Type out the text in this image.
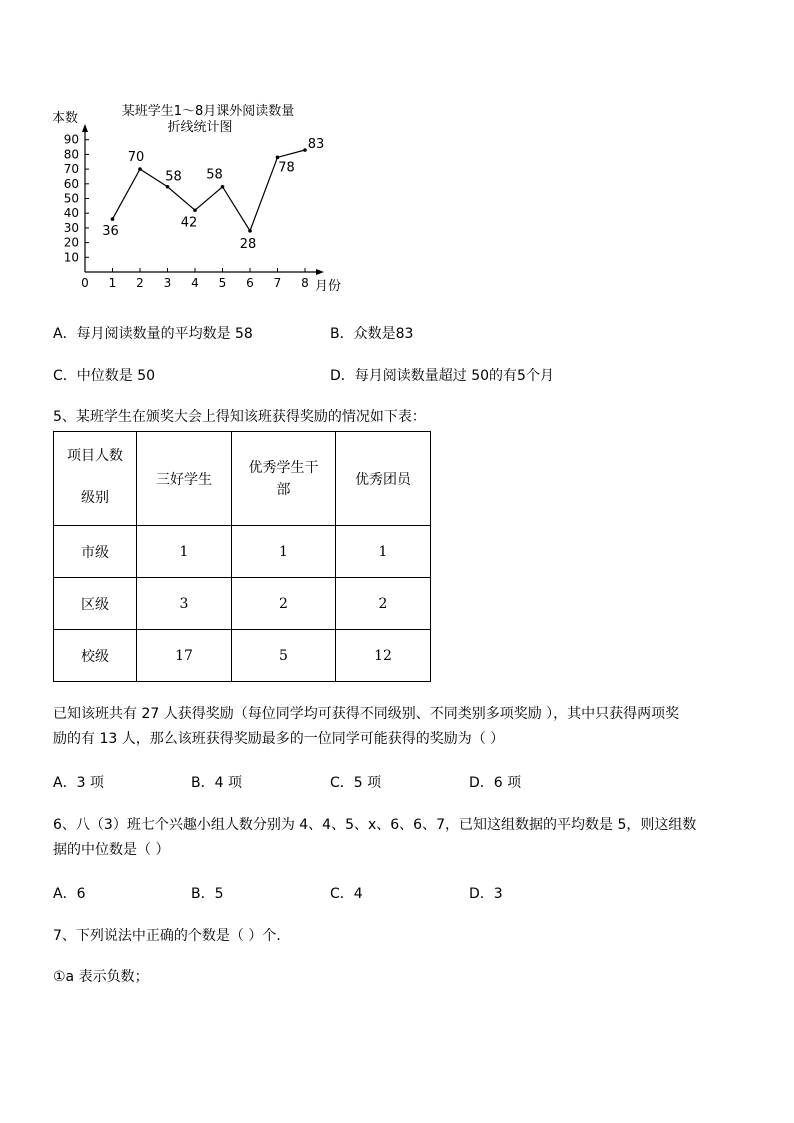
某班学生1～8月课外阅读数量
折线统计图
本数
月份
10
20
30
40
50
60
70
80
90
0 1 2 3 4 5 6 7 8
36
70
58
42
58
28
78
83
A．每月阅读数量的平均数是 58	B．众数是83
C．中位数是 50	D．每月阅读数量超过 50的有5个月
5、某班学生在颁奖大会上得知该班获得奖励的情况如下表：
项目人数
级别	三好学生	优秀学生干部	优秀团员
市级	1	1	1
区级	3	2	2
校级	17	5	12
已知该班共有 27 人获得奖励（每位同学均可获得不同级别、不同类别多项奖励 ），其中只获得两项奖
励的有 13 人，那么该班获得奖励最多的一位同学可能获得的奖励为（ ）
A．3 项	B．4 项	C．5 项	D．6 项
6、八（3）班七个兴趣小组人数分别为 4、4、5、x、6、6、7，已知这组数据的平均数是 5，则这组数
据的中位数是（ ）
A．6	B．5	C．4	D．3
7、下列说法中正确的个数是（ ）个．
①a 表示负数；
